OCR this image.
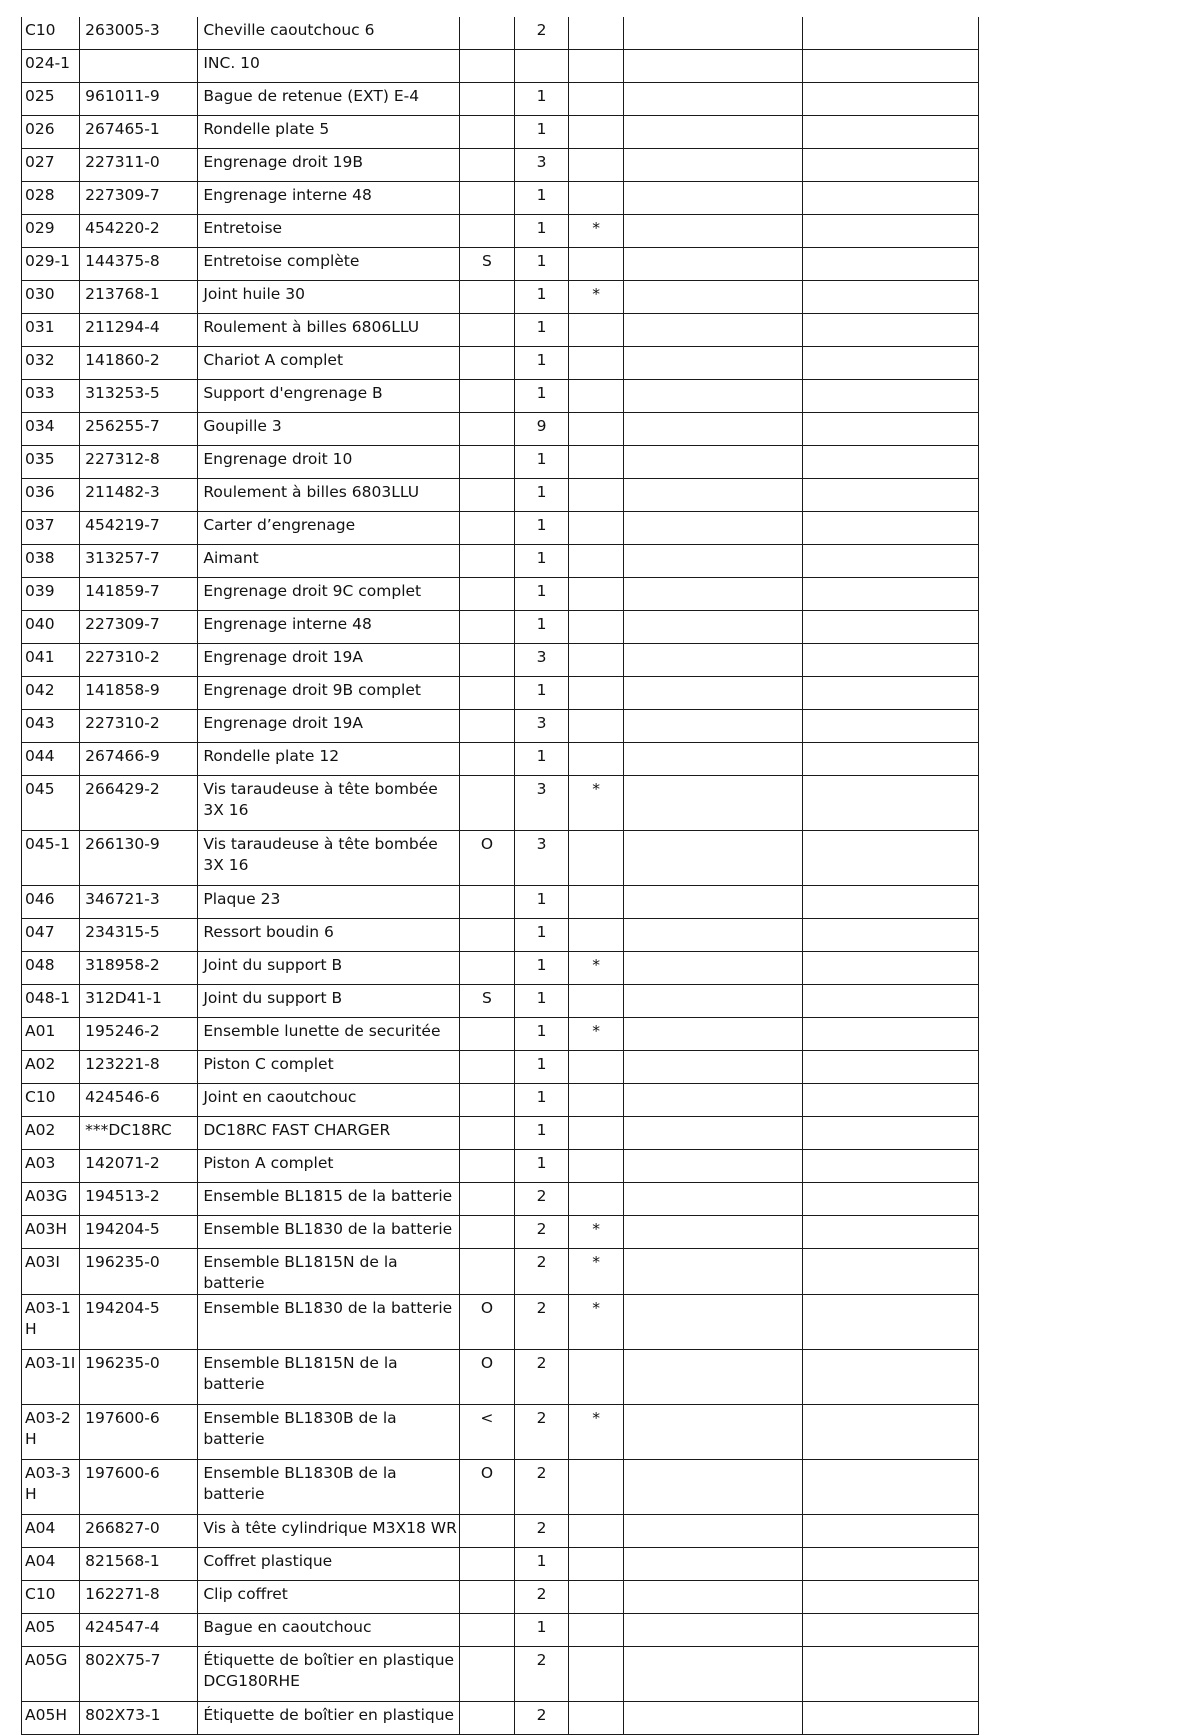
C10	263005-3	Cheville caoutchouc 6		2			

024-1		INC. 10					

025	961011-9	Bague de retenue (EXT) E-4		1			

026	267465-1	Rondelle plate 5		1			

027	227311-0	Engrenage droit 19B		3			

028	227309-7	Engrenage interne 48		1			

029	454220-2	Entretoise		1	*		

029-1	144375-8	Entretoise complète	S	1			

030	213768-1	Joint huile 30		1	*		

031	211294-4	Roulement à billes 6806LLU		1			

032	141860-2	Chariot A complet		1			

033	313253-5	Support d'engrenage B		1			

034	256255-7	Goupille 3		9			

035	227312-8	Engrenage droit 10		1			

036	211482-3	Roulement à billes 6803LLU		1			

037	454219-7	Carter d’engrenage		1			

038	313257-7	Aimant		1			

039	141859-7	Engrenage droit 9C complet		1			

040	227309-7	Engrenage interne 48		1			

041	227310-2	Engrenage droit 19A		3			

042	141858-9	Engrenage droit 9B complet		1			

043	227310-2	Engrenage droit 19A		3			

044	267466-9	Rondelle plate 12		1			

045	266429-2	Vis taraudeuse à tête bombée 3X 16		3	*		

045-1	266130-9	Vis taraudeuse à tête bombée 3X 16	O	3			

046	346721-3	Plaque 23		1			

047	234315-5	Ressort boudin 6		1			

048	318958-2	Joint du support B		1	*		

048-1	312D41-1	Joint du support B	S	1			

A01	195246-2	Ensemble lunette de securitée		1	*		

A02	123221-8	Piston C complet		1			

C10	424546-6	Joint en caoutchouc		1			

A02	***DC18RC	DC18RC FAST CHARGER		1			

A03	142071-2	Piston A complet		1			

A03G	194513-2	Ensemble BL1815 de la batterie		2			

A03H	194204-5	Ensemble BL1830 de la batterie		2	*		

A03I	196235-0	Ensemble BL1815N de la batterie		2	*		

A03-1H	194204-5	Ensemble BL1830 de la batterie	O	2	*		

A03-1I	196235-0	Ensemble BL1815N de la batterie	O	2			

A03-2H	197600-6	Ensemble BL1830B de la batterie	<	2	*		

A03-3H	197600-6	Ensemble BL1830B de la batterie	O	2			

A04	266827-0	Vis à tête cylindrique M3X18 WR		2			

A04	821568-1	Coffret plastique		1			

C10	162271-8	Clip coffret		2			

A05	424547-4	Bague en caoutchouc		1			

A05G	802X75-7	Étiquette de boîtier en plastique DCG180RHE		2			

A05H	802X73-1	Étiquette de boîtier en plastique		2			
